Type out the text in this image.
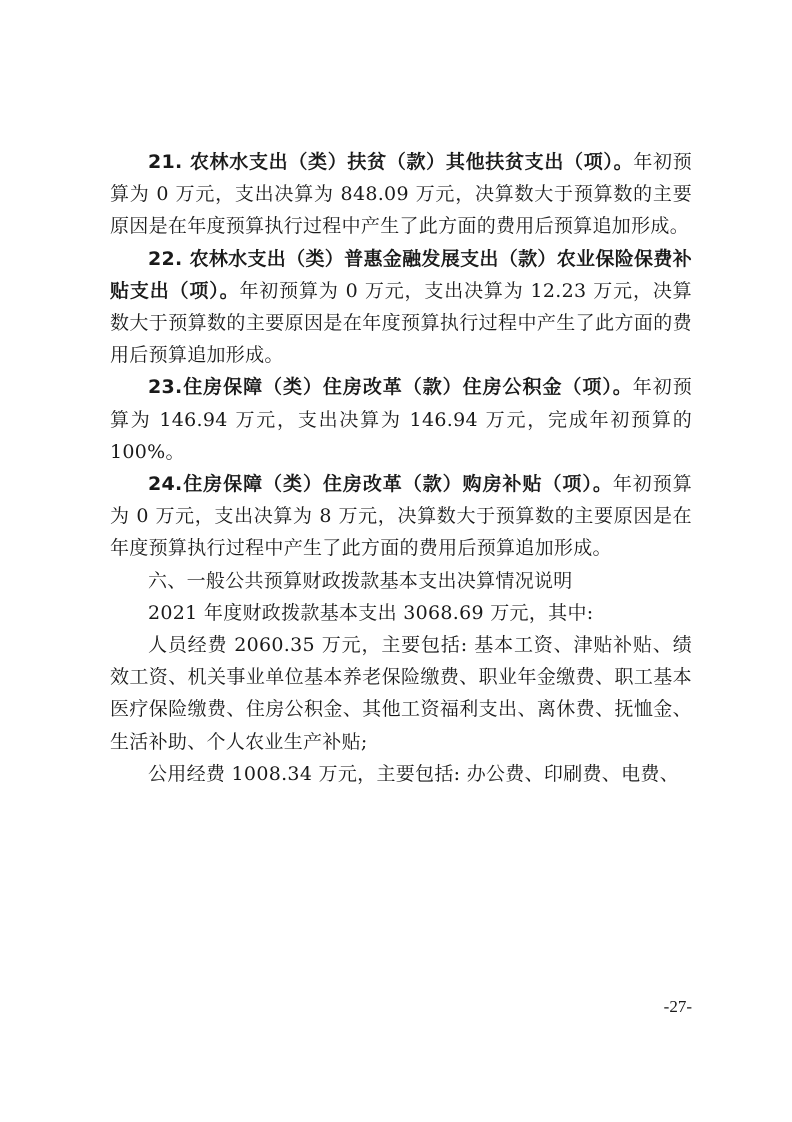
21. 农林水支出（类）扶贫（款）其他扶贫支出（项）。年初预算为 0 万元，支出决算为 848.09 万元，决算数大于预算数的主要原因是在年度预算执行过程中产生了此方面的费用后预算追加形成。

22. 农林水支出（类）普惠金融发展支出（款）农业保险保费补贴支出（项）。年初预算为 0 万元，支出决算为 12.23 万元，决算数大于预算数的主要原因是在年度预算执行过程中产生了此方面的费用后预算追加形成。

23.住房保障（类）住房改革（款）住房公积金（项）。年初预算为 146.94 万元，支出决算为 146.94 万元，完成年初预算的 100%。

24.住房保障（类）住房改革（款）购房补贴（项）。年初预算为 0 万元，支出决算为 8 万元，决算数大于预算数的主要原因是在年度预算执行过程中产生了此方面的费用后预算追加形成。

六、一般公共预算财政拨款基本支出决算情况说明

2021 年度财政拨款基本支出 3068.69 万元，其中:

人员经费 2060.35 万元，主要包括: 基本工资、津贴补贴、绩效工资、机关事业单位基本养老保险缴费、职业年金缴费、职工基本医疗保险缴费、住房公积金、其他工资福利支出、离休费、抚恤金、生活补助、个人农业生产补贴;

公用经费 1008.34 万元，主要包括: 办公费、印刷费、电费、

-27-
